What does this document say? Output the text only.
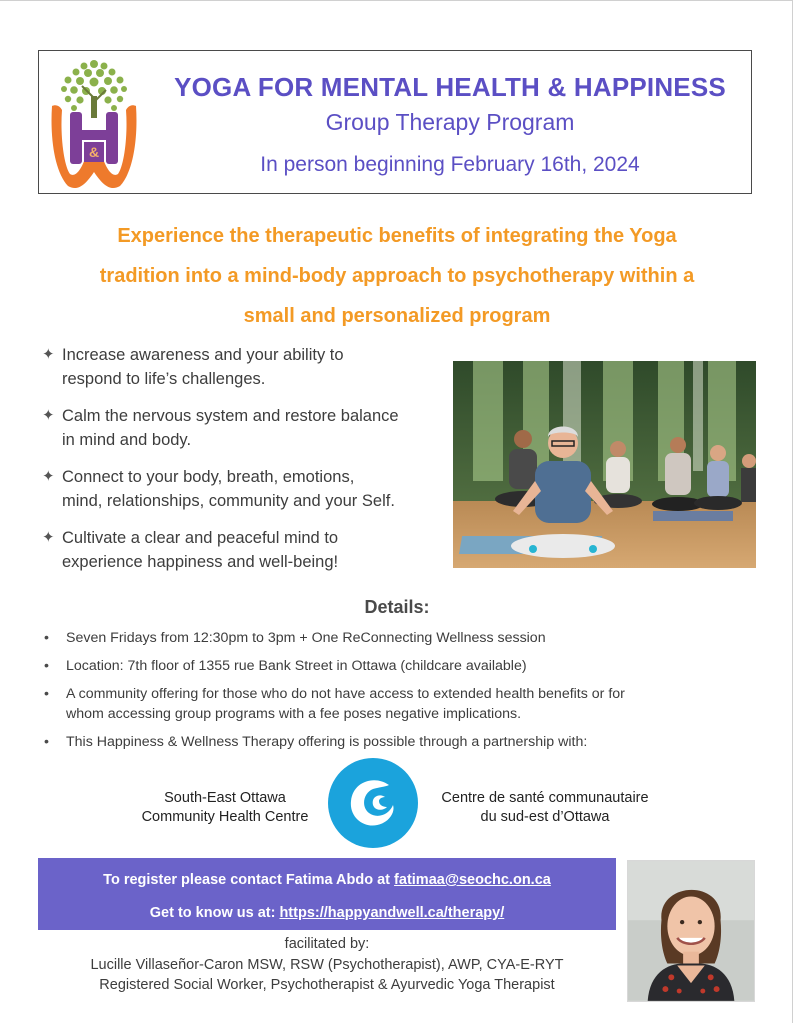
&
YOGA FOR MENTAL HEALTH & HAPPINESS
Group Therapy Program
In person beginning February 16th, 2024
Experience the therapeutic benefits of integrating the Yoga
tradition into a mind-body approach to psychotherapy within a
small and personalized program
✦ Increase awareness and your ability to
respond to life’s challenges.
✦ Calm the nervous system and restore balance
in mind and body.
✦ Connect to your body, breath, emotions,
mind, relationships, community and your Self.
✦ Cultivate a clear and peaceful mind to
experience happiness and well-being!
Details:
• Seven Fridays from 12:30pm to 3pm + One ReConnecting Wellness session
• Location: 7th floor of 1355 rue Bank Street in Ottawa (childcare available)
• A community offering for those who do not have access to extended health benefits or for
whom accessing group programs with a fee poses negative implications.
• This Happiness & Wellness Therapy offering is possible through a partnership with:
South-East Ottawa
Community Health Centre
Centre de santé communautaire
du sud-est d’Ottawa
To register please contact Fatima Abdo at fatimaa@seochc.on.ca
Get to know us at: https://happyandwell.ca/therapy/
facilitated by:
Lucille Villaseñor-Caron MSW, RSW (Psychotherapist), AWP, CYA-E-RYT
Registered Social Worker, Psychotherapist & Ayurvedic Yoga Therapist
